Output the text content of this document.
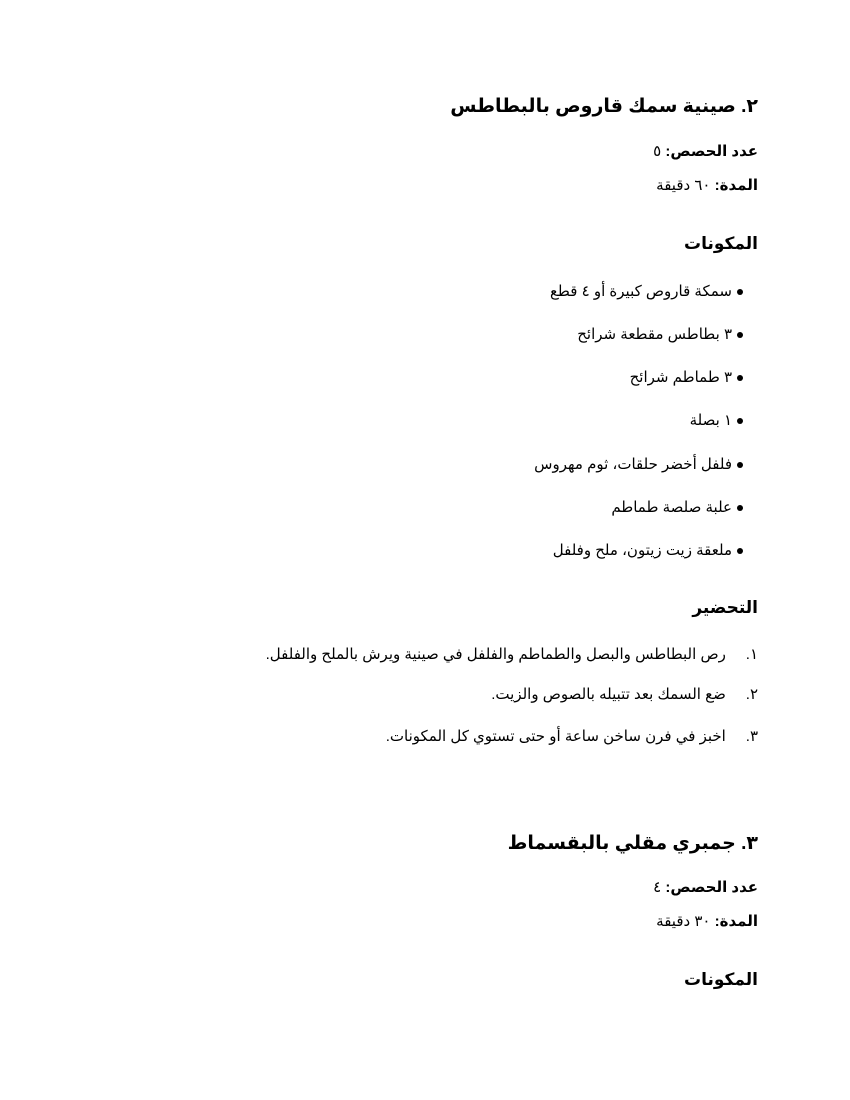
٢. صينية سمك قاروص بالبطاطس
عدد الحصص: ٥
المدة: ٦٠ دقيقة
المكونات
سمكة قاروص كبيرة أو ٤ قطع
٣ بطاطس مقطعة شرائح
٣ طماطم شرائح
١ بصلة
فلفل أخضر حلقات، ثوم مهروس
علبة صلصة طماطم
ملعقة زيت زيتون، ملح وفلفل
التحضير
١. رص البطاطس والبصل والطماطم والفلفل في صينية ويرش بالملح والفلفل.
٢. ضع السمك بعد تتبيله بالصوص والزيت.
٣. اخبز في فرن ساخن ساعة أو حتى تستوي كل المكونات.
٣. جمبري مقلي بالبقسماط
عدد الحصص: ٤
المدة: ٣٠ دقيقة
المكونات
